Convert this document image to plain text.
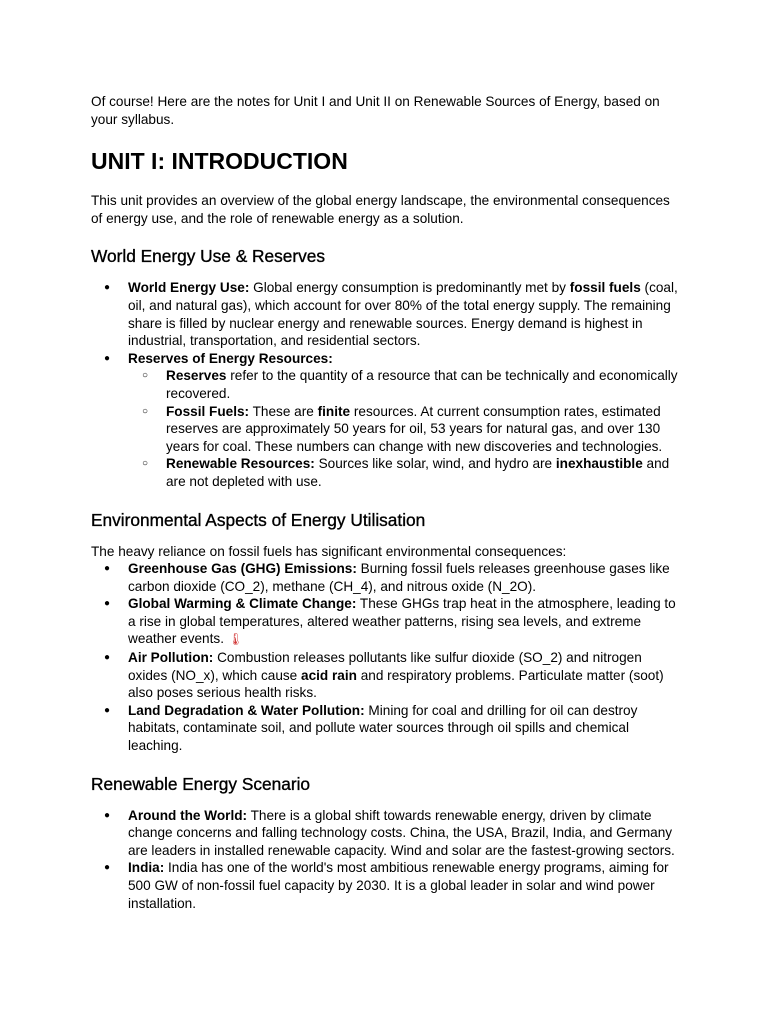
Of course! Here are the notes for Unit I and Unit II on Renewable Sources of Energy, based on your syllabus.

UNIT I: INTRODUCTION

This unit provides an overview of the global energy landscape, the environmental consequences of energy use, and the role of renewable energy as a solution.

World Energy Use & Reserves
● World Energy Use: Global energy consumption is predominantly met by fossil fuels (coal, oil, and natural gas), which account for over 80% of the total energy supply. The remaining share is filled by nuclear energy and renewable sources. Energy demand is highest in industrial, transportation, and residential sectors.
● Reserves of Energy Resources:
○ Reserves refer to the quantity of a resource that can be technically and economically recovered.
○ Fossil Fuels: These are finite resources. At current consumption rates, estimated reserves are approximately 50 years for oil, 53 years for natural gas, and over 130 years for coal. These numbers can change with new discoveries and technologies.
○ Renewable Resources: Sources like solar, wind, and hydro are inexhaustible and are not depleted with use.
Environmental Aspects of Energy Utilisation

The heavy reliance on fossil fuels has significant environmental consequences:

● Greenhouse Gas (GHG) Emissions: Burning fossil fuels releases greenhouse gases like carbon dioxide (CO_2), methane (CH_4), and nitrous oxide (N_2O).
● Global Warming & Climate Change: These GHGs trap heat in the atmosphere, leading to a rise in global temperatures, altered weather patterns, rising sea levels, and extreme weather events. 🌡
● Air Pollution: Combustion releases pollutants like sulfur dioxide (SO_2) and nitrogen oxides (NO_x), which cause acid rain and respiratory problems. Particulate matter (soot) also poses serious health risks.
● Land Degradation & Water Pollution: Mining for coal and drilling for oil can destroy habitats, contaminate soil, and pollute water sources through oil spills and chemical leaching.
Renewable Energy Scenario
● Around the World: There is a global shift towards renewable energy, driven by climate change concerns and falling technology costs. China, the USA, Brazil, India, and Germany are leaders in installed renewable capacity. Wind and solar are the fastest-growing sectors.
● India: India has one of the world's most ambitious renewable energy programs, aiming for 500 GW of non-fossil fuel capacity by 2030. It is a global leader in solar and wind power installation.
